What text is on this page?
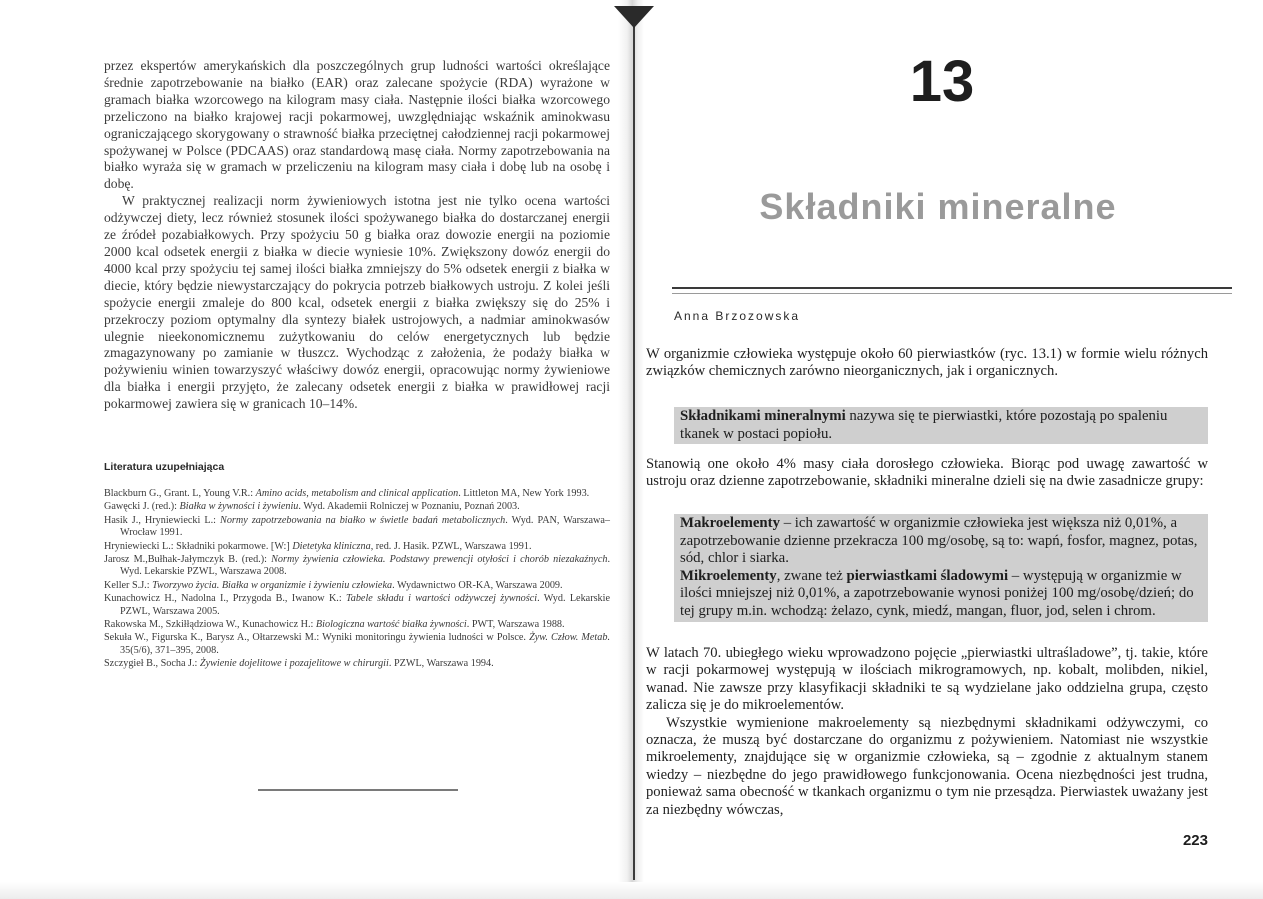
przez ekspertów amerykańskich dla poszczególnych grup ludności wartości określające średnie zapotrzebowanie na białko (EAR) oraz zalecane spożycie (RDA) wyrażone w gramach białka wzorcowego na kilogram masy ciała. Następnie ilości białka wzorcowego przeliczono na białko krajowej racji pokarmowej, uwzględniając wskaźnik aminokwasu ograniczającego skorygowany o strawność białka przeciętnej całodziennej racji pokarmowej spożywanej w Polsce (PDCAAS) oraz standardową masę ciała. Normy zapotrzebowania na białko wyraża się w gramach w przeliczeniu na kilogram masy ciała i dobę lub na osobę i dobę.

W praktycznej realizacji norm żywieniowych istotna jest nie tylko ocena wartości odżywczej diety, lecz również stosunek ilości spożywanego białka do dostarczanej energii ze źródeł pozabiałkowych. Przy spożyciu 50 g białka oraz dowozie energii na poziomie 2000 kcal odsetek energii z białka w diecie wyniesie 10%. Zwiększony dowóz energii do 4000 kcal przy spożyciu tej samej ilości białka zmniejszy do 5% odsetek energii z białka w diecie, który będzie niewystarczający do pokrycia potrzeb białkowych ustroju. Z kolei jeśli spożycie energii zmaleje do 800 kcal, odsetek energii z białka zwiększy się do 25% i przekroczy poziom optymalny dla syntezy białek ustrojowych, a nadmiar aminokwasów ulegnie nieekonomicznemu zużytkowaniu do celów energetycznych lub będzie zmagazynowany po zamianie w tłuszcz. Wychodząc z założenia, że podaży białka w pożywieniu winien towarzyszyć właściwy dowóz energii, opracowując normy żywieniowe dla białka i energii przyjęto, że zalecany odsetek energii z białka w prawidłowej racji pokarmowej zawiera się w granicach 10–14%.

Literatura uzupełniająca
Blackburn G., Grant. L, Young V.R.: Amino acids, metabolism and clinical application. Littleton MA, New York 1993.
Gawęcki J. (red.): Białka w żywności i żywieniu. Wyd. Akademii Rolniczej w Poznaniu, Poznań 2003.
Hasik J., Hryniewiecki L.: Normy zapotrzebowania na białko w świetle badań metabolicznych. Wyd. PAN, Warszawa–Wrocław 1991.
Hryniewiecki L.: Składniki pokarmowe. [W:] Dietetyka kliniczna, red. J. Hasik. PZWL, Warszawa 1991.
Jarosz M.,Bułhak-Jałymczyk B. (red.): Normy żywienia człowieka. Podstawy prewencji otyłości i chorób niezakaźnych. Wyd. Lekarskie PZWL, Warszawa 2008.
Keller S.J.: Tworzywo życia. Białka w organizmie i żywieniu człowieka. Wydawnictwo OR-KA, Warszawa 2009.
Kunachowicz H., Nadolna I., Przygoda B., Iwanow K.: Tabele składu i wartości odżywczej żywności. Wyd. Lekarskie PZWL, Warszawa 2005.
Rakowska M., Szkiłłądziowa W., Kunachowicz H.: Biologiczna wartość białka żywności. PWT, Warszawa 1988.
Sekuła W., Figurska K., Barysz A., Ołtarzewski M.: Wyniki monitoringu żywienia ludności w Polsce. Żyw. Człow. Metab. 35(5/6), 371–395, 2008.
Szczygieł B., Socha J.: Żywienie dojelitowe i pozajelitowe w chirurgii. PZWL, Warszawa 1994.
13
Składniki mineralne
Anna Brzozowska

W organizmie człowieka występuje około 60 pierwiastków (ryc. 13.1) w formie wielu różnych związków chemicznych zarówno nieorganicznych, jak i organicznych.

Składnikami mineralnymi nazywa się te pierwiastki, które pozostają po spaleniu tkanek w postaci popiołu.

Stanowią one około 4% masy ciała dorosłego człowieka. Biorąc pod uwagę zawartość w ustroju oraz dzienne zapotrzebowanie, składniki mineralne dzieli się na dwie zasadnicze grupy:

Makroelementy – ich zawartość w organizmie człowieka jest większa niż 0,01%, a zapotrzebowanie dzienne przekracza 100 mg/osobę, są to: wapń, fosfor, magnez, potas, sód, chlor i siarka.
Mikroelementy, zwane też pierwiastkami śladowymi – występują w organizmie w ilości mniejszej niż 0,01%, a zapotrzebowanie wynosi poniżej 100 mg/osobę/dzień; do tej grupy m.in. wchodzą: żelazo, cynk, miedź, mangan, fluor, jod, selen i chrom.

W latach 70. ubiegłego wieku wprowadzono pojęcie „pierwiastki ultraśladowe”, tj. takie, które w racji pokarmowej występują w ilościach mikrogramowych, np. kobalt, molibden, nikiel, wanad. Nie zawsze przy klasyfikacji składniki te są wydzielane jako oddzielna grupa, często zalicza się je do mikroelementów.

Wszystkie wymienione makroelementy są niezbędnymi składnikami odżywczymi, co oznacza, że muszą być dostarczane do organizmu z pożywieniem. Natomiast nie wszystkie mikroelementy, znajdujące się w organizmie człowieka, są – zgodnie z aktualnym stanem wiedzy – niezbędne do jego prawidłowego funkcjonowania. Ocena niezbędności jest trudna, ponieważ sama obecność w tkankach organizmu o tym nie przesądza. Pierwiastek uważany jest za niezbędny wówczas,

223
